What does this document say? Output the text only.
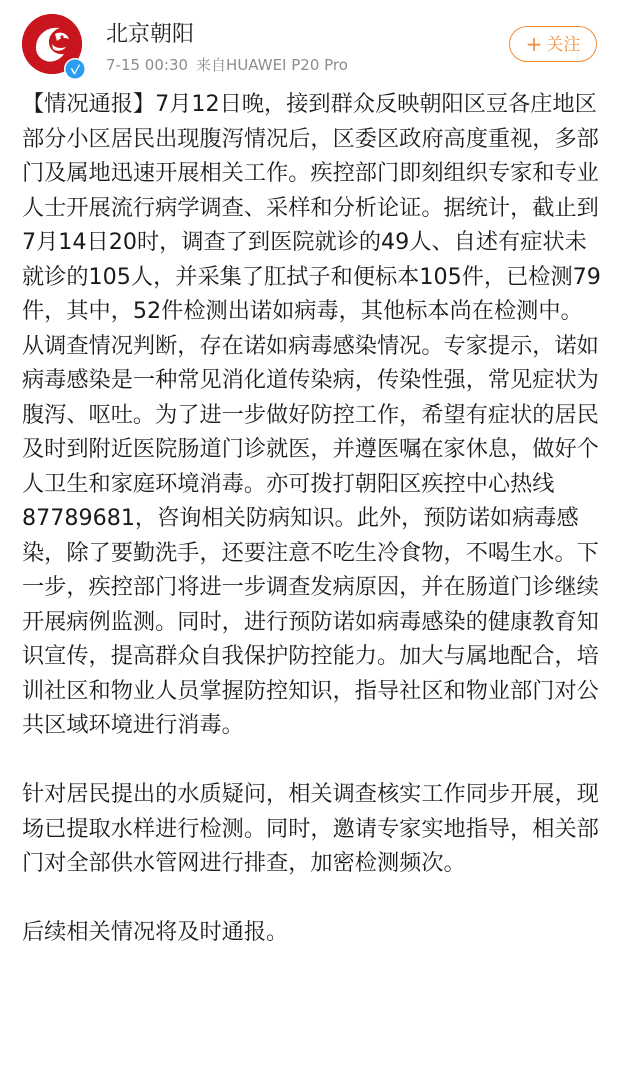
北京朝阳
7-15 00:30 来自HUAWEI P20 Pro
+ 关注

【情况通报】7月12日晚，接到群众反映朝阳区豆各庄地区部分小区居民出现腹泻情况后，区委区政府高度重视，多部门及属地迅速开展相关工作。疾控部门即刻组织专家和专业人士开展流行病学调查、采样和分析论证。据统计，截止到7月14日20时，调查了到医院就诊的49人、自述有症状未就诊的105人，并采集了肛拭子和便标本105件，已检测79件，其中，52件检测出诺如病毒，其他标本尚在检测中。从调查情况判断，存在诺如病毒感染情况。专家提示，诺如病毒感染是一种常见消化道传染病，传染性强，常见症状为腹泻、呕吐。为了进一步做好防控工作，希望有症状的居民及时到附近医院肠道门诊就医，并遵医嘱在家休息，做好个人卫生和家庭环境消毒。亦可拨打朝阳区疾控中心热线87789681，咨询相关防病知识。此外，预防诺如病毒感染，除了要勤洗手，还要注意不吃生冷食物，不喝生水。下一步，疾控部门将进一步调查发病原因，并在肠道门诊继续开展病例监测。同时，进行预防诺如病毒感染的健康教育知识宣传，提高群众自我保护防控能力。加大与属地配合，培训社区和物业人员掌握防控知识，指导社区和物业部门对公共区域环境进行消毒。

针对居民提出的水质疑问，相关调查核实工作同步开展，现场已提取水样进行检测。同时，邀请专家实地指导，相关部门对全部供水管网进行排查，加密检测频次。

后续相关情况将及时通报。
